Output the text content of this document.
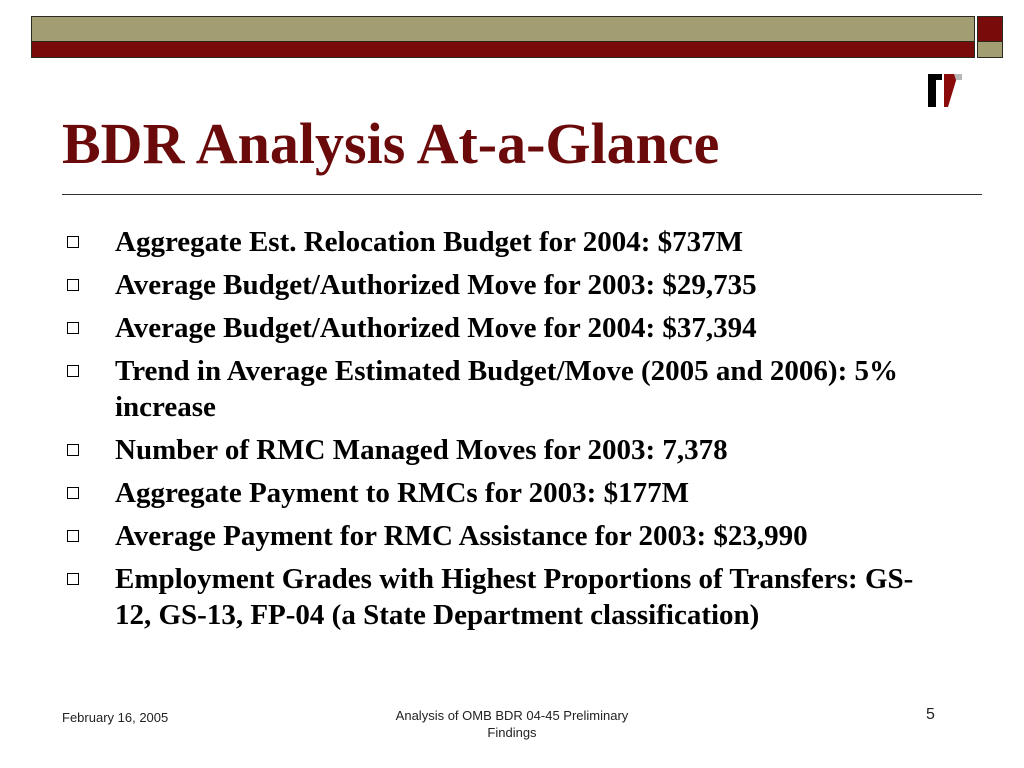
BDR Analysis At-a-Glance
Aggregate Est. Relocation Budget for 2004: $737M
Average Budget/Authorized Move for 2003: $29,735
Average Budget/Authorized Move for 2004: $37,394
Trend in Average Estimated Budget/Move (2005 and 2006): 5% increase
Number of RMC Managed Moves for 2003: 7,378
Aggregate Payment to RMCs for 2003: $177M
Average Payment for RMC Assistance for 2003: $23,990
Employment Grades with Highest Proportions of Transfers: GS-12, GS-13, FP-04 (a State Department classification)
February 16, 2005	Analysis of OMB BDR 04-45 Preliminary Findings
5
